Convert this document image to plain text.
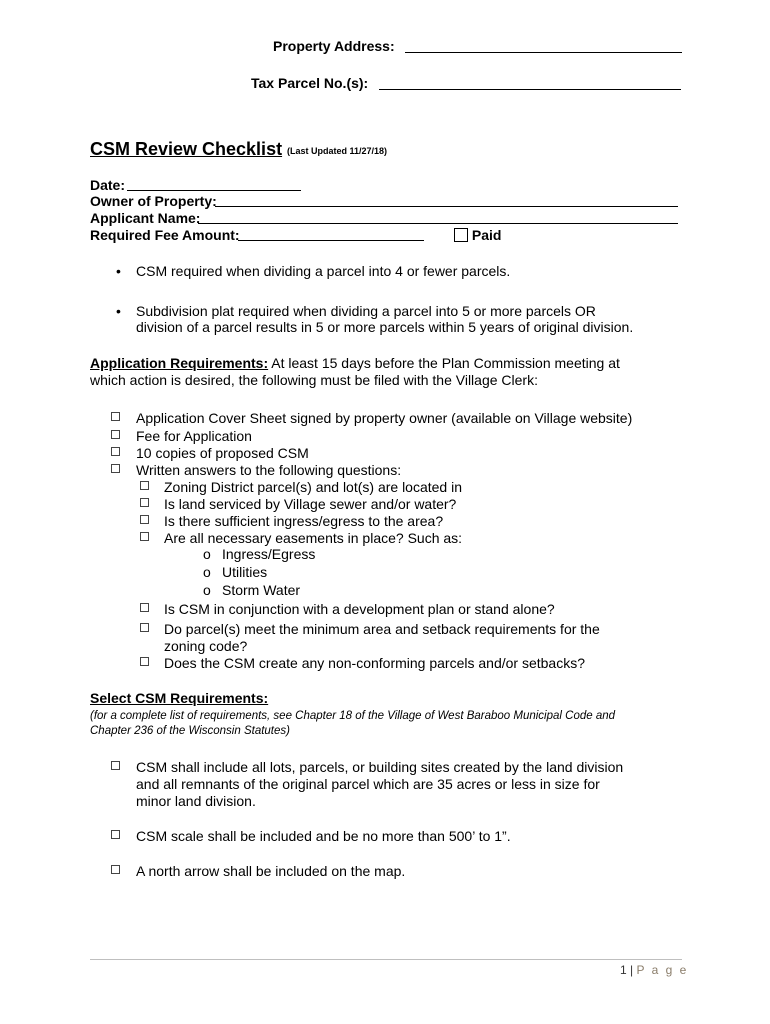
Property Address:
Tax Parcel No.(s):
CSM Review Checklist (Last Updated 11/27/18)
Date:
Owner of Property:
Applicant Name:
Required Fee Amount:	Paid
• CSM required when dividing a parcel into 4 or fewer parcels.
• Subdivision plat required when dividing a parcel into 5 or more parcels OR
division of a parcel results in 5 or more parcels within 5 years of original division.
Application Requirements: At least 15 days before the Plan Commission meeting at
which action is desired, the following must be filed with the Village Clerk:
Application Cover Sheet signed by property owner (available on Village website)
Fee for Application
10 copies of proposed CSM
Written answers to the following questions:
Zoning District parcel(s) and lot(s) are located in
Is land serviced by Village sewer and/or water?
Is there sufficient ingress/egress to the area?
Are all necessary easements in place? Such as:
o Ingress/Egress
o Utilities
o Storm Water
Is CSM in conjunction with a development plan or stand alone?
Do parcel(s) meet the minimum area and setback requirements for the
zoning code?
Does the CSM create any non-conforming parcels and/or setbacks?
Select CSM Requirements:
(for a complete list of requirements, see Chapter 18 of the Village of West Baraboo Municipal Code and
Chapter 236 of the Wisconsin Statutes)
CSM shall include all lots, parcels, or building sites created by the land division
and all remnants of the original parcel which are 35 acres or less in size for
minor land division.
CSM scale shall be included and be no more than 500’ to 1”.
A north arrow shall be included on the map.
1 | P a g e
